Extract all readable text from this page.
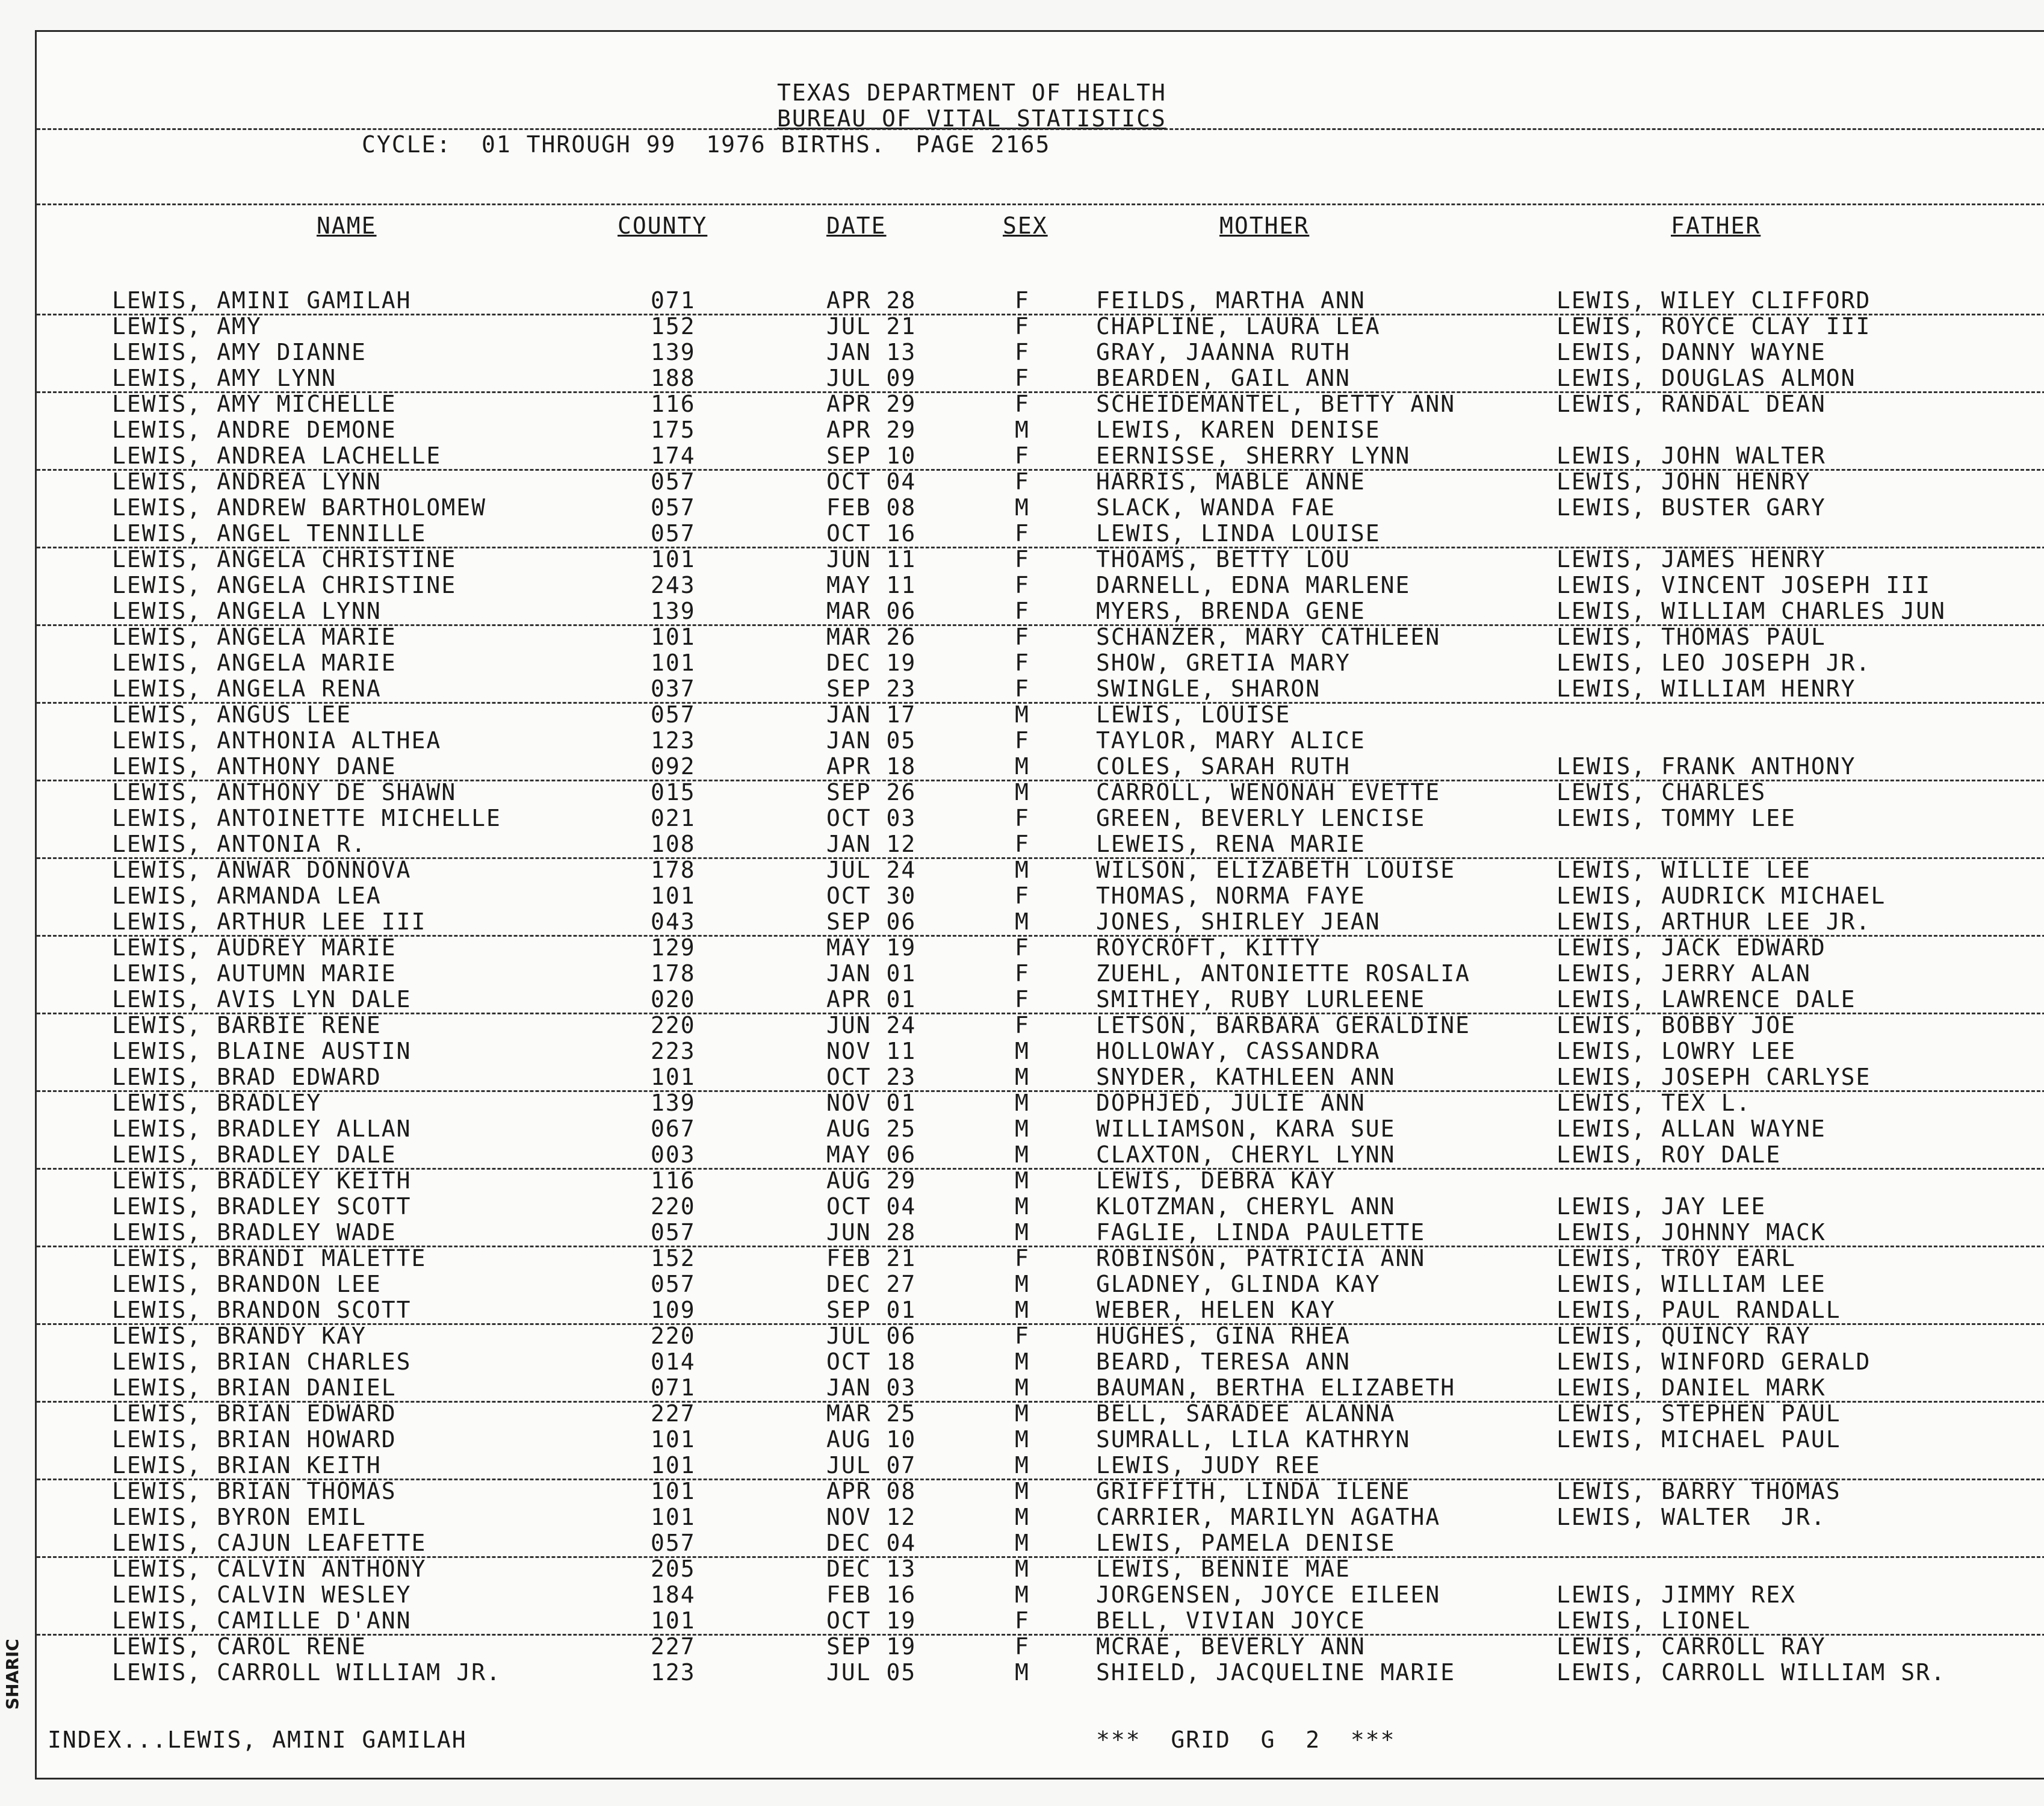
TEXAS DEPARTMENT OF HEALTH
BUREAU OF VITAL STATISTICS
CYCLE:  01 THROUGH 99  1976 BIRTHS.  PAGE 2165
NAME	COUNTY	DATE	SEX	MOTHER	FATHER
LEWIS, AMINI GAMILAH	071	APR 28	F	FEILDS, MARTHA ANN	LEWIS, WILEY CLIFFORD
LEWIS, AMY	152	JUL 21	F	CHAPLINE, LAURA LEA	LEWIS, ROYCE CLAY III
LEWIS, AMY DIANNE	139	JAN 13	F	GRAY, JAANNA RUTH	LEWIS, DANNY WAYNE
LEWIS, AMY LYNN	188	JUL 09	F	BEARDEN, GAIL ANN	LEWIS, DOUGLAS ALMON
LEWIS, AMY MICHELLE	116	APR 29	F	SCHEIDEMANTEL, BETTY ANN	LEWIS, RANDAL DEAN
LEWIS, ANDRE DEMONE	175	APR 29	M	LEWIS, KAREN DENISE
LEWIS, ANDREA LACHELLE	174	SEP 10	F	EERNISSE, SHERRY LYNN	LEWIS, JOHN WALTER
LEWIS, ANDREA LYNN	057	OCT 04	F	HARRIS, MABLE ANNE	LEWIS, JOHN HENRY
LEWIS, ANDREW BARTHOLOMEW	057	FEB 08	M	SLACK, WANDA FAE	LEWIS, BUSTER GARY
LEWIS, ANGEL TENNILLE	057	OCT 16	F	LEWIS, LINDA LOUISE
LEWIS, ANGELA CHRISTINE	101	JUN 11	F	THOAMS, BETTY LOU	LEWIS, JAMES HENRY
LEWIS, ANGELA CHRISTINE	243	MAY 11	F	DARNELL, EDNA MARLENE	LEWIS, VINCENT JOSEPH III
LEWIS, ANGELA LYNN	139	MAR 06	F	MYERS, BRENDA GENE	LEWIS, WILLIAM CHARLES JUN
LEWIS, ANGELA MARIE	101	MAR 26	F	SCHANZER, MARY CATHLEEN	LEWIS, THOMAS PAUL
LEWIS, ANGELA MARIE	101	DEC 19	F	SHOW, GRETIA MARY	LEWIS, LEO JOSEPH JR.
LEWIS, ANGELA RENA	037	SEP 23	F	SWINGLE, SHARON	LEWIS, WILLIAM HENRY
LEWIS, ANGUS LEE	057	JAN 17	M	LEWIS, LOUISE
LEWIS, ANTHONIA ALTHEA	123	JAN 05	F	TAYLOR, MARY ALICE
LEWIS, ANTHONY DANE	092	APR 18	M	COLES, SARAH RUTH	LEWIS, FRANK ANTHONY
LEWIS, ANTHONY DE SHAWN	015	SEP 26	M	CARROLL, WENONAH EVETTE	LEWIS, CHARLES
LEWIS, ANTOINETTE MICHELLE	021	OCT 03	F	GREEN, BEVERLY LENCISE	LEWIS, TOMMY LEE
LEWIS, ANTONIA R.	108	JAN 12	F	LEWEIS, RENA MARIE
LEWIS, ANWAR DONNOVA	178	JUL 24	M	WILSON, ELIZABETH LOUISE	LEWIS, WILLIE LEE
LEWIS, ARMANDA LEA	101	OCT 30	F	THOMAS, NORMA FAYE	LEWIS, AUDRICK MICHAEL
LEWIS, ARTHUR LEE III	043	SEP 06	M	JONES, SHIRLEY JEAN	LEWIS, ARTHUR LEE JR.
LEWIS, AUDREY MARIE	129	MAY 19	F	ROYCROFT, KITTY	LEWIS, JACK EDWARD
LEWIS, AUTUMN MARIE	178	JAN 01	F	ZUEHL, ANTONIETTE ROSALIA	LEWIS, JERRY ALAN
LEWIS, AVIS LYN DALE	020	APR 01	F	SMITHEY, RUBY LURLEENE	LEWIS, LAWRENCE DALE
LEWIS, BARBIE RENE	220	JUN 24	F	LETSON, BARBARA GERALDINE	LEWIS, BOBBY JOE
LEWIS, BLAINE AUSTIN	223	NOV 11	M	HOLLOWAY, CASSANDRA	LEWIS, LOWRY LEE
LEWIS, BRAD EDWARD	101	OCT 23	M	SNYDER, KATHLEEN ANN	LEWIS, JOSEPH CARLYSE
LEWIS, BRADLEY	139	NOV 01	M	DOPHJED, JULIE ANN	LEWIS, TEX L.
LEWIS, BRADLEY ALLAN	067	AUG 25	M	WILLIAMSON, KARA SUE	LEWIS, ALLAN WAYNE
LEWIS, BRADLEY DALE	003	MAY 06	M	CLAXTON, CHERYL LYNN	LEWIS, ROY DALE
LEWIS, BRADLEY KEITH	116	AUG 29	M	LEWIS, DEBRA KAY
LEWIS, BRADLEY SCOTT	220	OCT 04	M	KLOTZMAN, CHERYL ANN	LEWIS, JAY LEE
LEWIS, BRADLEY WADE	057	JUN 28	M	FAGLIE, LINDA PAULETTE	LEWIS, JOHNNY MACK
LEWIS, BRANDI MALETTE	152	FEB 21	F	ROBINSON, PATRICIA ANN	LEWIS, TROY EARL
LEWIS, BRANDON LEE	057	DEC 27	M	GLADNEY, GLINDA KAY	LEWIS, WILLIAM LEE
LEWIS, BRANDON SCOTT	109	SEP 01	M	WEBER, HELEN KAY	LEWIS, PAUL RANDALL
LEWIS, BRANDY KAY	220	JUL 06	F	HUGHES, GINA RHEA	LEWIS, QUINCY RAY
LEWIS, BRIAN CHARLES	014	OCT 18	M	BEARD, TERESA ANN	LEWIS, WINFORD GERALD
LEWIS, BRIAN DANIEL	071	JAN 03	M	BAUMAN, BERTHA ELIZABETH	LEWIS, DANIEL MARK
LEWIS, BRIAN EDWARD	227	MAR 25	M	BELL, SARADEE ALANNA	LEWIS, STEPHEN PAUL
LEWIS, BRIAN HOWARD	101	AUG 10	M	SUMRALL, LILA KATHRYN	LEWIS, MICHAEL PAUL
LEWIS, BRIAN KEITH	101	JUL 07	M	LEWIS, JUDY REE
LEWIS, BRIAN THOMAS	101	APR 08	M	GRIFFITH, LINDA ILENE	LEWIS, BARRY THOMAS
LEWIS, BYRON EMIL	101	NOV 12	M	CARRIER, MARILYN AGATHA	LEWIS, WALTER  JR.
LEWIS, CAJUN LEAFETTE	057	DEC 04	M	LEWIS, PAMELA DENISE
LEWIS, CALVIN ANTHONY	205	DEC 13	M	LEWIS, BENNIE MAE
LEWIS, CALVIN WESLEY	184	FEB 16	M	JORGENSEN, JOYCE EILEEN	LEWIS, JIMMY REX
LEWIS, CAMILLE D'ANN	101	OCT 19	F	BELL, VIVIAN JOYCE	LEWIS, LIONEL
LEWIS, CAROL RENE	227	SEP 19	F	MCRAE, BEVERLY ANN	LEWIS, CARROLL RAY
LEWIS, CARROLL WILLIAM JR.	123	JUL 05	M	SHIELD, JACQUELINE MARIE	LEWIS, CARROLL WILLIAM SR.
INDEX...LEWIS, AMINI GAMILAH	***  GRID  G  2  ***
SHARIC
